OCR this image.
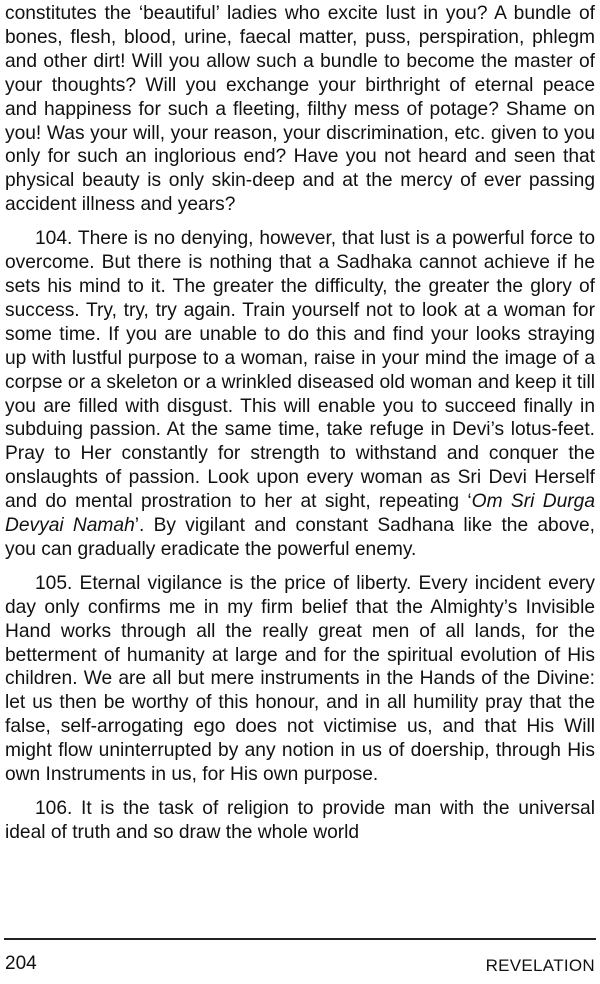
constitutes the ‘beautiful’ ladies who excite lust in you? A bundle of bones, flesh, blood, urine, faecal matter, puss, perspiration, phlegm and other dirt! Will you allow such a bundle to become the master of your thoughts? Will you exchange your birthright of eternal peace and happiness for such a fleeting, filthy mess of potage? Shame on you! Was your will, your reason, your discrimination, etc. given to you only for such an inglorious end? Have you not heard and seen that physical beauty is only skin-deep and at the mercy of ever passing accident illness and years?

104. There is no denying, however, that lust is a powerful force to overcome. But there is nothing that a Sadhaka cannot achieve if he sets his mind to it. The greater the difficulty, the greater the glory of success. Try, try, try again. Train yourself not to look at a woman for some time. If you are unable to do this and find your looks straying up with lustful purpose to a woman, raise in your mind the image of a corpse or a skeleton or a wrinkled diseased old woman and keep it till you are filled with disgust. This will enable you to succeed finally in subduing passion. At the same time, take refuge in Devi’s lotus-feet. Pray to Her constantly for strength to withstand and conquer the onslaughts of passion. Look upon every woman as Sri Devi Herself and do mental prostration to her at sight, repeating ‘Om Sri Durga Devyai Namah’. By vigilant and constant Sadhana like the above, you can gradually eradicate the powerful enemy.

105. Eternal vigilance is the price of liberty. Every incident every day only confirms me in my firm belief that the Almighty’s Invisible Hand works through all the really great men of all lands, for the betterment of humanity at large and for the spiritual evolution of His children. We are all but mere instruments in the Hands of the Divine: let us then be worthy of this honour, and in all humility pray that the false, self-arrogating ego does not victimise us, and that His Will might flow uninterrupted by any notion in us of doership, through His own Instruments in us, for His own purpose.

106. It is the task of religion to provide man with the universal ideal of truth and so draw the whole world

204	REVELATION
